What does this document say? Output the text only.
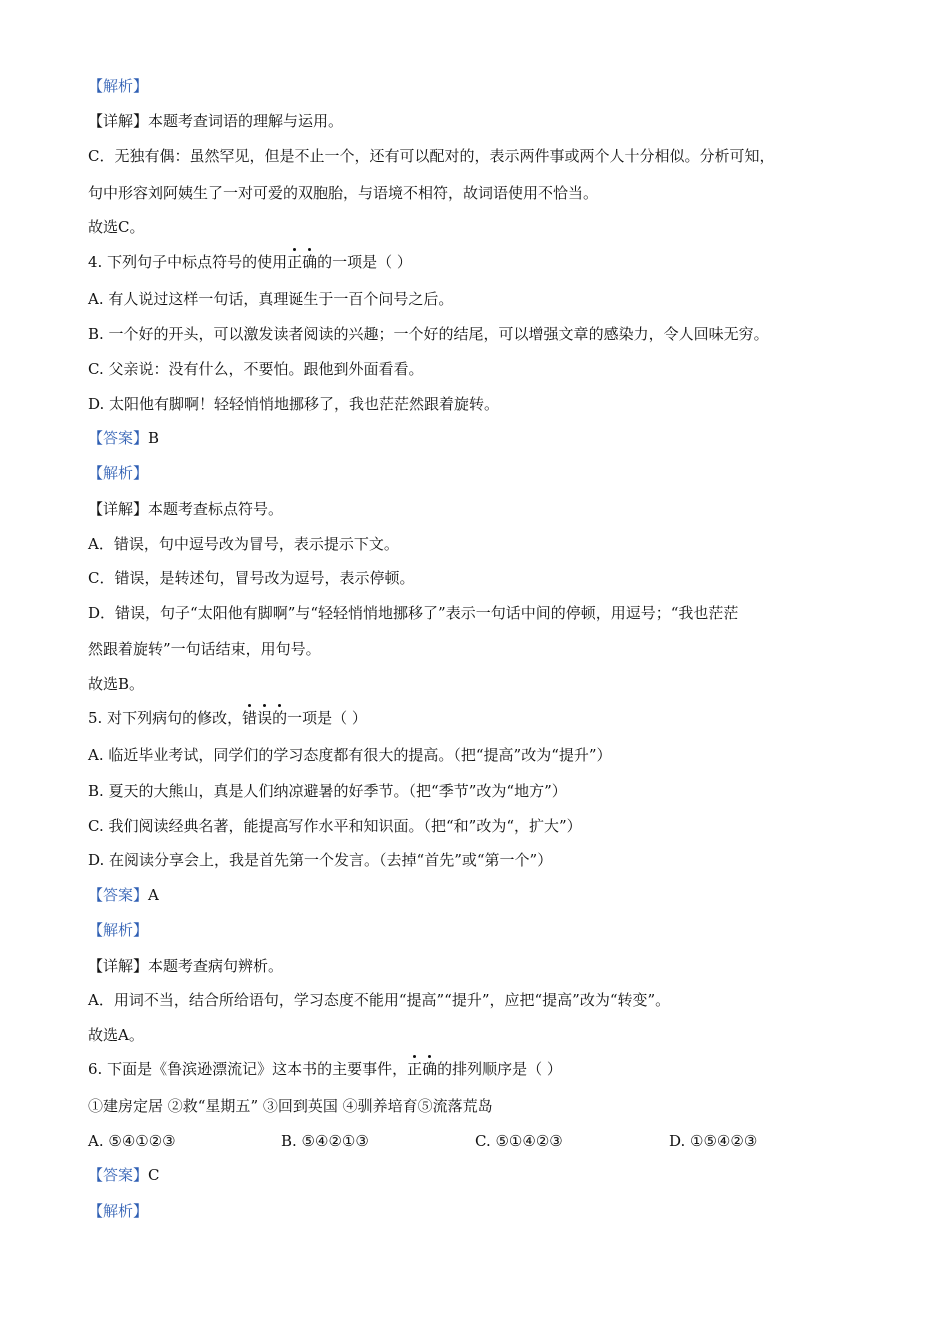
【解析】
【详解】本题考查词语的理解与运用。
C．无独有偶：虽然罕见，但是不止一个，还有可以配对的，表示两件事或两个人十分相似。分析可知，
句中形容刘阿姨生了一对可爱的双胞胎，与语境不相符，故词语使用不恰当。
故选C。
4. 下列句子中标点符号的使用正确的一项是（ ）
A. 有人说过这样一句话，真理诞生于一百个问号之后。
B. 一个好的开头，可以激发读者阅读的兴趣；一个好的结尾，可以增强文章的感染力，令人回味无穷。
C. 父亲说：没有什么，不要怕。跟他到外面看看。
D. 太阳他有脚啊！轻轻悄悄地挪移了，我也茫茫然跟着旋转。
【答案】B
【解析】
【详解】本题考查标点符号。
A．错误，句中逗号改为冒号，表示提示下文。
C．错误，是转述句，冒号改为逗号，表示停顿。
D．错误，句子“太阳他有脚啊”与“轻轻悄悄地挪移了”表示一句话中间的停顿，用逗号；“我也茫茫
然跟着旋转”一句话结束，用句号。
故选B。
5. 对下列病句的修改，错误的一项是（ ）
A. 临近毕业考试，同学们的学习态度都有很大的提高。（把“提高”改为“提升”）
B. 夏天的大熊山，真是人们纳凉避暑的好季节。（把“季节”改为“地方”）
C. 我们阅读经典名著，能提高写作水平和知识面。（把“和”改为“，扩大”）
D. 在阅读分享会上，我是首先第一个发言。（去掉“首先”或“第一个”）
【答案】A
【解析】
【详解】本题考查病句辨析。
A．用词不当，结合所给语句，学习态度不能用“提高”“提升”，应把“提高”改为“转变”。
故选A。
6. 下面是《鲁滨逊漂流记》这本书的主要事件，正确的排列顺序是（ ）
①建房定居 ②救“星期五” ③回到英国 ④驯养培育⑤流落荒岛
A. ⑤④①②③	B. ⑤④②①③	C. ⑤①④②③	D. ①⑤④②③
【答案】C
【解析】
